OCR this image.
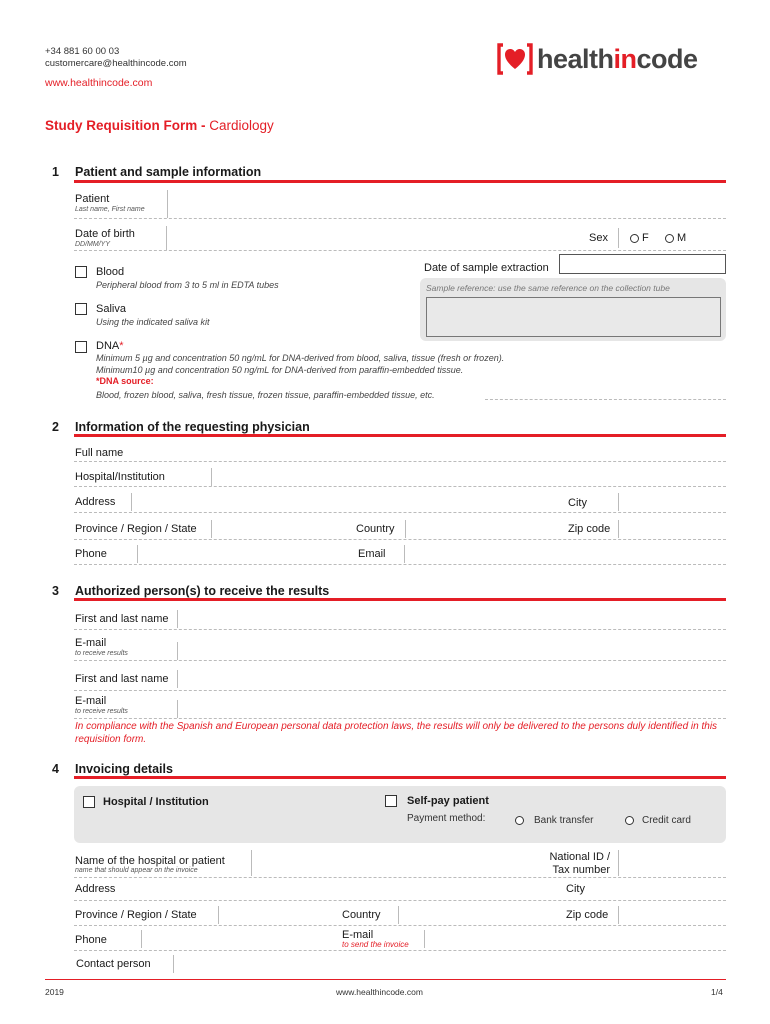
+34 881 60 00 03
customercare@healthincode.com
www.healthincode.com
healthincode
Study Requisition Form - Cardiology
1 Patient and sample information
Patient
Last name, First name
Date of birth
DD/MM/YY
Sex	F	M
Blood
Peripheral blood from 3 to 5 ml in EDTA tubes
Date of sample extraction
Sample reference: use the same reference on the collection tube
Saliva
Using the indicated saliva kit
DNA*
Minimum 5 µg and concentration 50 ng/mL for DNA-derived from blood, saliva, tissue (fresh or frozen).
Minimum10 µg and concentration 50 ng/mL for DNA-derived from paraffin-embedded tissue.
*DNA source:
Blood, frozen blood, saliva, fresh tissue, frozen tissue, paraffin-embedded tissue, etc.
2 Information of the requesting physician
Full name
Hospital/Institution
Address	City
Province / Region / State	Country	Zip code
Phone	Email
3 Authorized person(s) to receive the results
First and last name
E-mail
to receive results
First and last name
E-mail
to receive results
In compliance with the Spanish and European personal data protection laws, the results will only be delivered to the persons duly identified in this requisition form.
4 Invoicing details
Hospital / Institution	Self-pay patient
Payment method:	Bank transfer	Credit card
Name of the hospital or patient
name that should appear on the invoice
National ID /
Tax number
Address	City
Province / Region / State	Country	Zip code
Phone	E-mail
to send the invoice
Contact person
2019	www.healthincode.com	1/4
